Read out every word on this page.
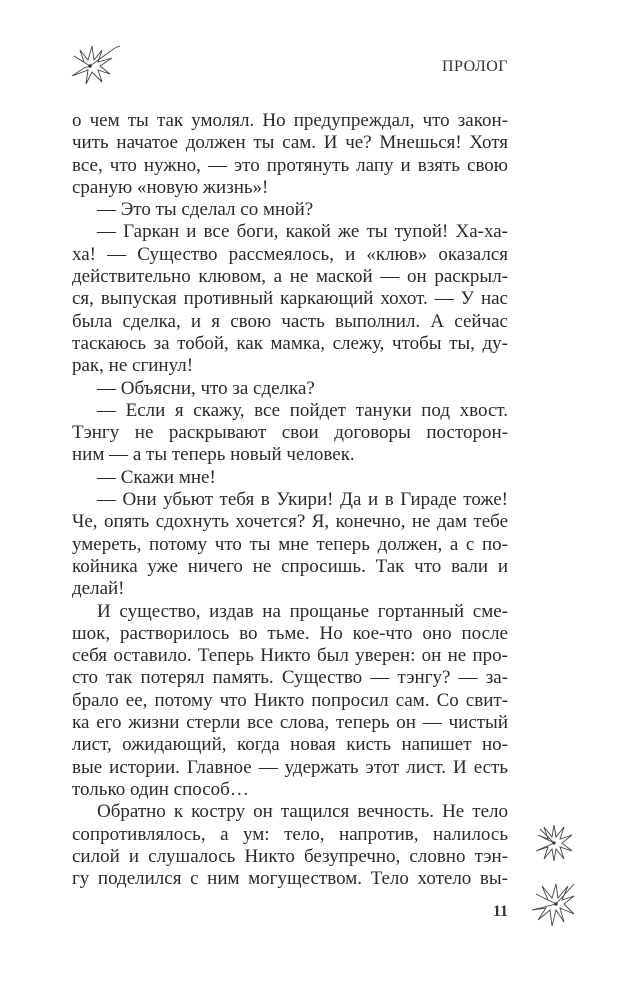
ПРОЛОГ
о чем ты так умолял. Но предупреждал, что закон-
чить начатое должен ты сам. И че? Мнешься! Хотя
все, что нужно, — это протянуть лапу и взять свою
сраную «новую жизнь»!
— Это ты сделал со мной?
— Гаркан и все боги, какой же ты тупой! Ха-ха-
ха! — Существо рассмеялось, и «клюв» оказался
действительно клювом, а не маской — он раскрыл-
ся, выпуская противный каркающий хохот. — У нас
была сделка, и я свою часть выполнил. А сейчас
таскаюсь за тобой, как мамка, слежу, чтобы ты, ду-
рак, не сгинул!
— Объясни, что за сделка?
— Если я скажу, все пойдет тануки под хвост.
Тэнгу не раскрывают свои договоры посторон-
ним — а ты теперь новый человек.
— Скажи мне!
— Они убьют тебя в Укири! Да и в Гираде тоже!
Че, опять сдохнуть хочется? Я, конечно, не дам тебе
умереть, потому что ты мне теперь должен, а с по-
койника уже ничего не спросишь. Так что вали и
делай!
И существо, издав на прощанье гортанный сме-
шок, растворилось во тьме. Но кое-что оно после
себя оставило. Теперь Никто был уверен: он не про-
сто так потерял память. Существо — тэнгу? — за-
брало ее, потому что Никто попросил сам. Со свит-
ка его жизни стерли все слова, теперь он — чистый
лист, ожидающий, когда новая кисть напишет но-
вые истории. Главное — удержать этот лист. И есть
только один способ…
Обратно к костру он тащился вечность. Не тело
сопротивлялось, а ум: тело, напротив, налилось
силой и слушалось Никто безупречно, словно тэн-
гу поделился с ним могуществом. Тело хотело вы-
11
